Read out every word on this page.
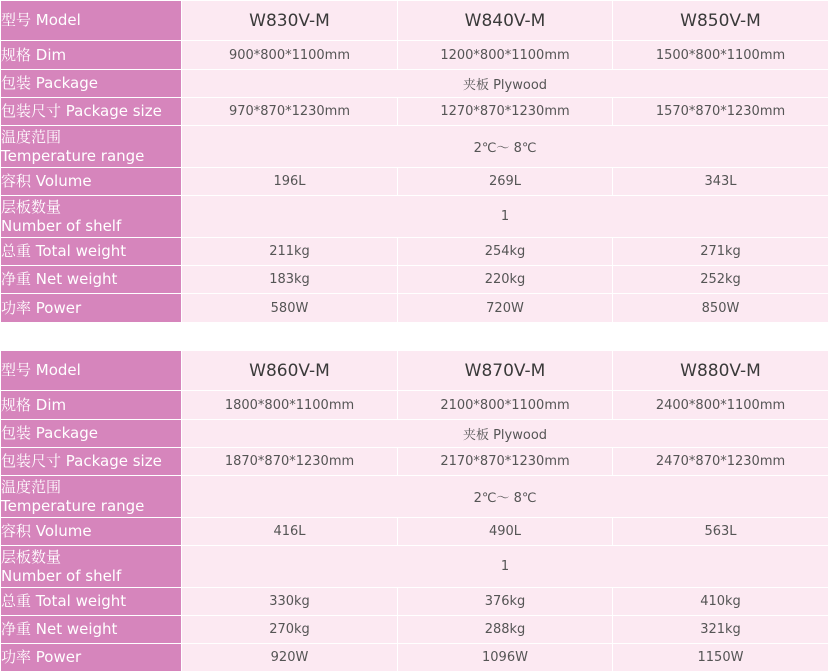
型号 Model	W830V-M	W840V-M	W850V-M
规格 Dim	900*800*1100mm	1200*800*1100mm	1500*800*1100mm
包装 Package	夹板 Plywood		
包装尺寸 Package size	970*870*1230mm	1270*870*1230mm	1570*870*1230mm

温度范围
Temperature range	2℃～ 8℃		
容积 Volume	196L	269L	343L

层板数量
Number of shelf	1		
总重 Total weight	211kg	254kg	271kg
净重 Net weight	183kg	220kg	252kg
功率 Power	580W	720W	850W
型号 Model	W860V-M	W870V-M	W880V-M
规格 Dim	1800*800*1100mm	2100*800*1100mm	2400*800*1100mm
包装 Package	夹板 Plywood		
包装尺寸 Package size	1870*870*1230mm	2170*870*1230mm	2470*870*1230mm

温度范围
Temperature range	2℃～ 8℃		
容积 Volume	416L	490L	563L

层板数量
Number of shelf	1		
总重 Total weight	330kg	376kg	410kg
净重 Net weight	270kg	288kg	321kg
功率 Power	920W	1096W	1150W
